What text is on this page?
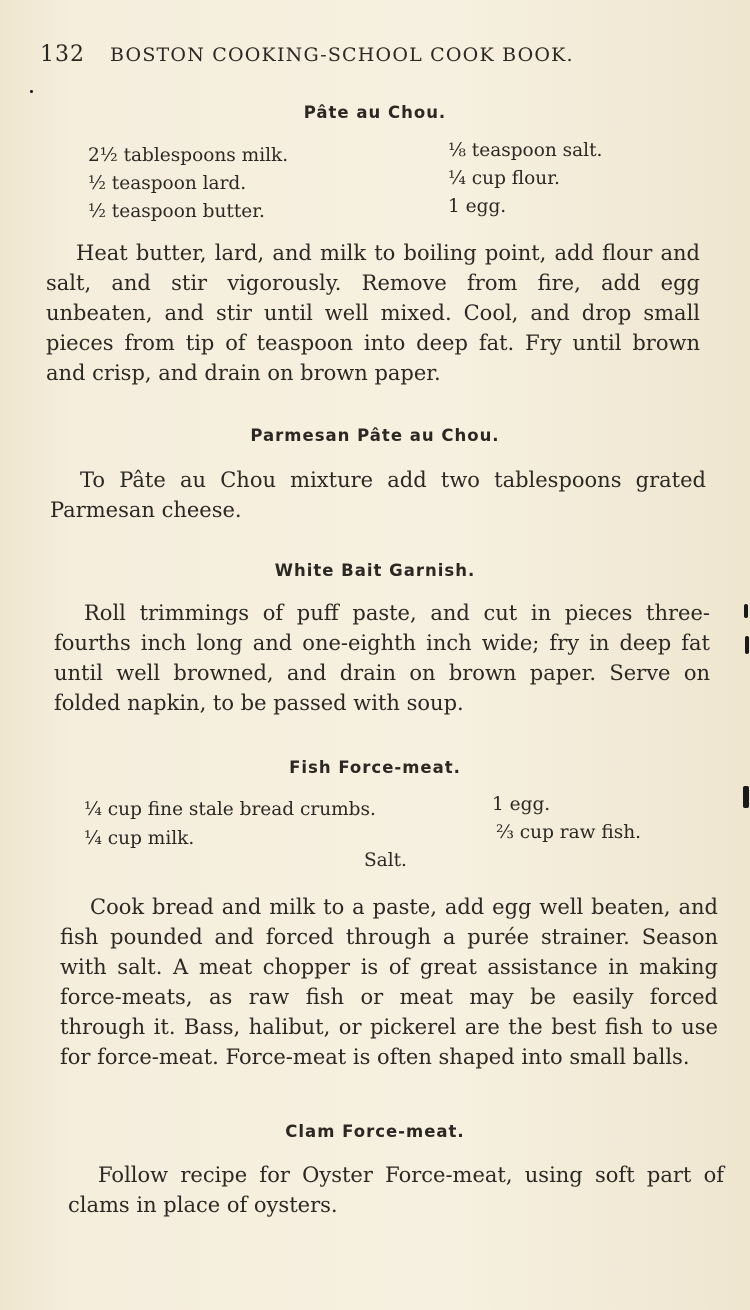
132 BOSTON COOKING-SCHOOL COOK BOOK.
Pâte au Chou.
2½ tablespoons milk.
½ teaspoon lard.
½ teaspoon butter.
⅛ teaspoon salt.
¼ cup flour.
1 egg.
Heat butter, lard, and milk to boiling point, add flour and salt, and stir vigorously. Remove from fire, add egg unbeaten, and stir until well mixed. Cool, and drop small pieces from tip of teaspoon into deep fat. Fry until brown and crisp, and drain on brown paper.
Parmesan Pâte au Chou.
To Pâte au Chou mixture add two tablespoons grated Parmesan cheese.
White Bait Garnish.
Roll trimmings of puff paste, and cut in pieces three-fourths inch long and one-eighth inch wide; fry in deep fat until well browned, and drain on brown paper. Serve on folded napkin, to be passed with soup.
Fish Force-meat.
¼ cup fine stale bread crumbs.
¼ cup milk.
1 egg.
⅔ cup raw fish.
Salt.
Cook bread and milk to a paste, add egg well beaten, and fish pounded and forced through a purée strainer. Season with salt. A meat chopper is of great assistance in making force-meats, as raw fish or meat may be easily forced through it. Bass, halibut, or pickerel are the best fish to use for force-meat. Force-meat is often shaped into small balls.
Clam Force-meat.
Follow recipe for Oyster Force-meat, using soft part of clams in place of oysters.
